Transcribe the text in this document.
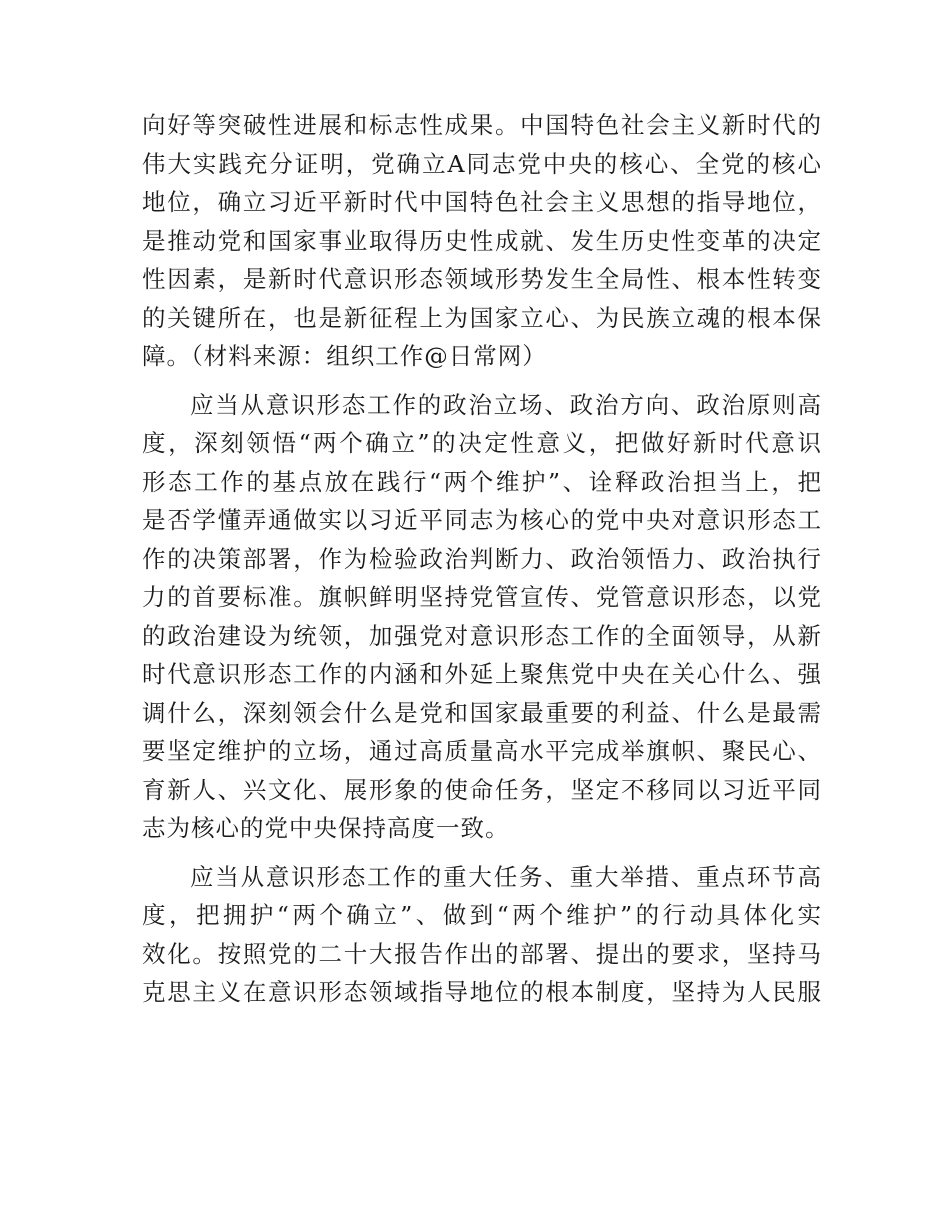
向好等突破性进展和标志性成果。中国特色社会主义新时代的
伟大实践充分证明，党确立A同志党中央的核心、全党的核心
地位，确立习近平新时代中国特色社会主义思想的指导地位，
是推动党和国家事业取得历史性成就、发生历史性变革的决定
性因素，是新时代意识形态领域形势发生全局性、根本性转变
的关键所在，也是新征程上为国家立心、为民族立魂的根本保
障。（材料来源：组织工作@日常网）
应当从意识形态工作的政治立场、政治方向、政治原则高
度，深刻领悟“两个确立”的决定性意义，把做好新时代意识
形态工作的基点放在践行“两个维护”、诠释政治担当上，把
是否学懂弄通做实以习近平同志为核心的党中央对意识形态工
作的决策部署，作为检验政治判断力、政治领悟力、政治执行
力的首要标准。旗帜鲜明坚持党管宣传、党管意识形态，以党
的政治建设为统领，加强党对意识形态工作的全面领导，从新
时代意识形态工作的内涵和外延上聚焦党中央在关心什么、强
调什么，深刻领会什么是党和国家最重要的利益、什么是最需
要坚定维护的立场，通过高质量高水平完成举旗帜、聚民心、
育新人、兴文化、展形象的使命任务，坚定不移同以习近平同
志为核心的党中央保持高度一致。
应当从意识形态工作的重大任务、重大举措、重点环节高
度，把拥护“两个确立”、做到“两个维护”的行动具体化实
效化。按照党的二十大报告作出的部署、提出的要求，坚持马
克思主义在意识形态领域指导地位的根本制度，坚持为人民服
